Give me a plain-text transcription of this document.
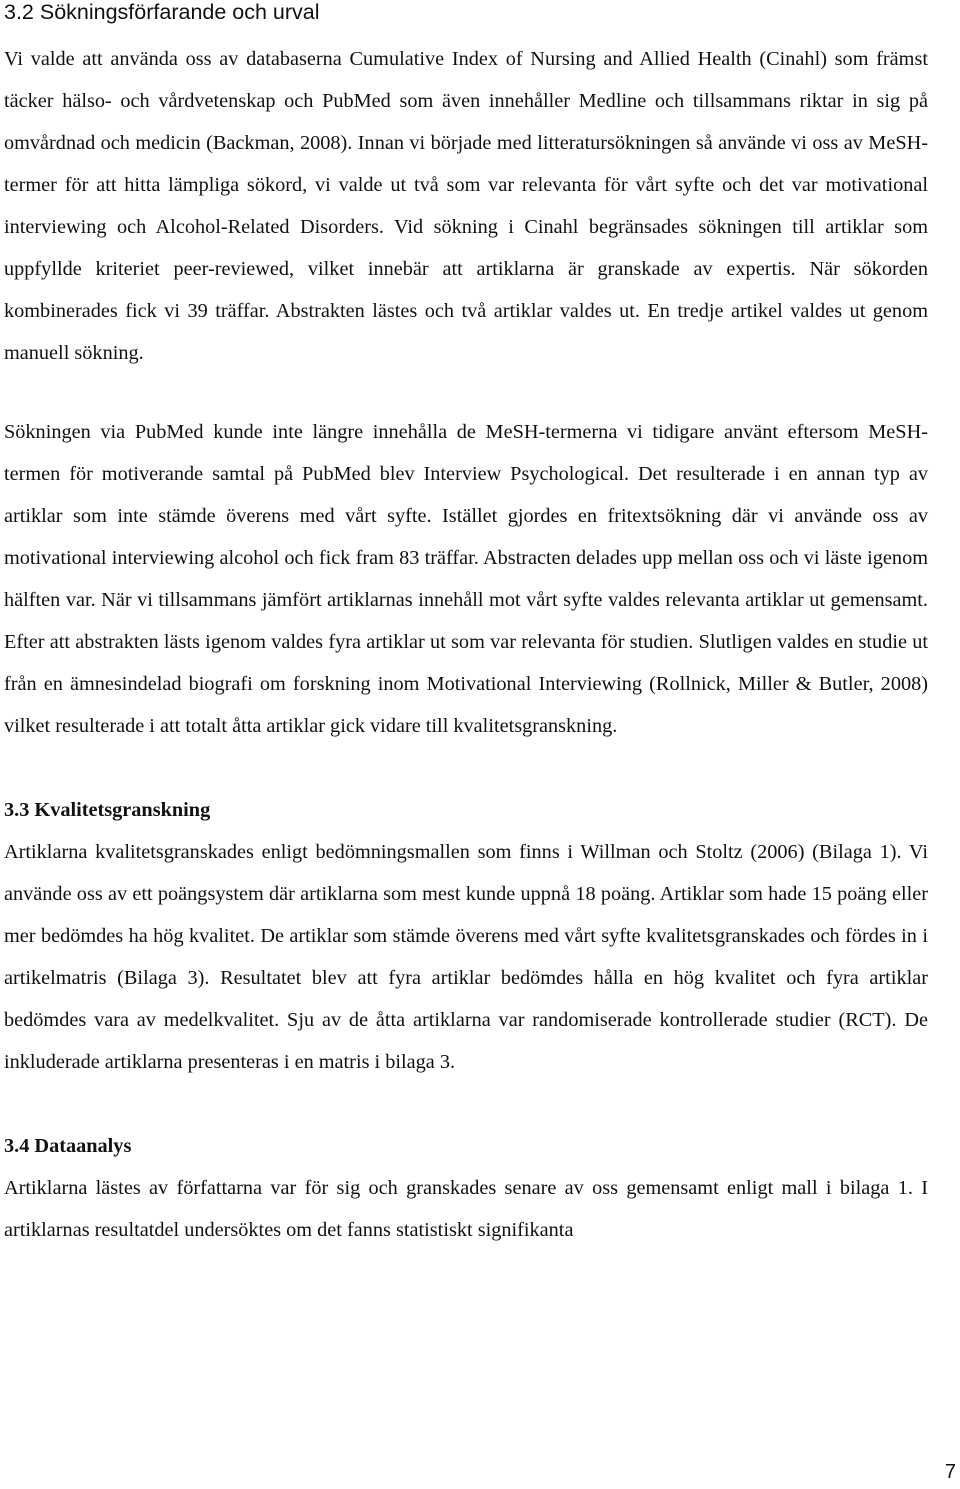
3.2 Sökningsförfarande och urval

Vi valde att använda oss av databaserna Cumulative Index of Nursing and Allied Health (Cinahl) som främst täcker hälso- och vårdvetenskap och PubMed som även innehåller Medline och tillsammans riktar in sig på omvårdnad och medicin (Backman, 2008). Innan vi började med litteratursökningen så använde vi oss av MeSH-termer för att hitta lämpliga sökord, vi valde ut två som var relevanta för vårt syfte och det var motivational interviewing och Alcohol-Related Disorders. Vid sökning i Cinahl begränsades sökningen till artiklar som uppfyllde kriteriet peer-reviewed, vilket innebär att artiklarna är granskade av expertis. När sökorden kombinerades fick vi 39 träffar. Abstrakten lästes och två artiklar valdes ut. En tredje artikel valdes ut genom manuell sökning.

Sökningen via PubMed kunde inte längre innehålla de MeSH-termerna vi tidigare använt eftersom MeSH- termen för motiverande samtal på PubMed blev Interview Psychological. Det resulterade i en annan typ av artiklar som inte stämde överens med vårt syfte. Istället gjordes en fritextsökning där vi använde oss av motivational interviewing alcohol och fick fram 83 träffar. Abstracten delades upp mellan oss och vi läste igenom hälften var. När vi tillsammans jämfört artiklarnas innehåll mot vårt syfte valdes relevanta artiklar ut gemensamt. Efter att abstrakten lästs igenom valdes fyra artiklar ut som var relevanta för studien. Slutligen valdes en studie ut från en ämnesindelad biografi om forskning inom Motivational Interviewing (Rollnick, Miller & Butler, 2008) vilket resulterade i att totalt åtta artiklar gick vidare till kvalitetsgranskning.

3.3 Kvalitetsgranskning

Artiklarna kvalitetsgranskades enligt bedömningsmallen som finns i Willman och Stoltz (2006) (Bilaga 1). Vi använde oss av ett poängsystem där artiklarna som mest kunde uppnå 18 poäng. Artiklar som hade 15 poäng eller mer bedömdes ha hög kvalitet. De artiklar som stämde överens med vårt syfte kvalitetsgranskades och fördes in i artikelmatris (Bilaga 3). Resultatet blev att fyra artiklar bedömdes hålla en hög kvalitet och fyra artiklar bedömdes vara av medelkvalitet. Sju av de åtta artiklarna var randomiserade kontrollerade studier (RCT). De inkluderade artiklarna presenteras i en matris i bilaga 3.

3.4 Dataanalys

Artiklarna lästes av författarna var för sig och granskades senare av oss gemensamt enligt mall i bilaga 1. I artiklarnas resultatdel undersöktes om det fanns statistiskt signifikanta

7
